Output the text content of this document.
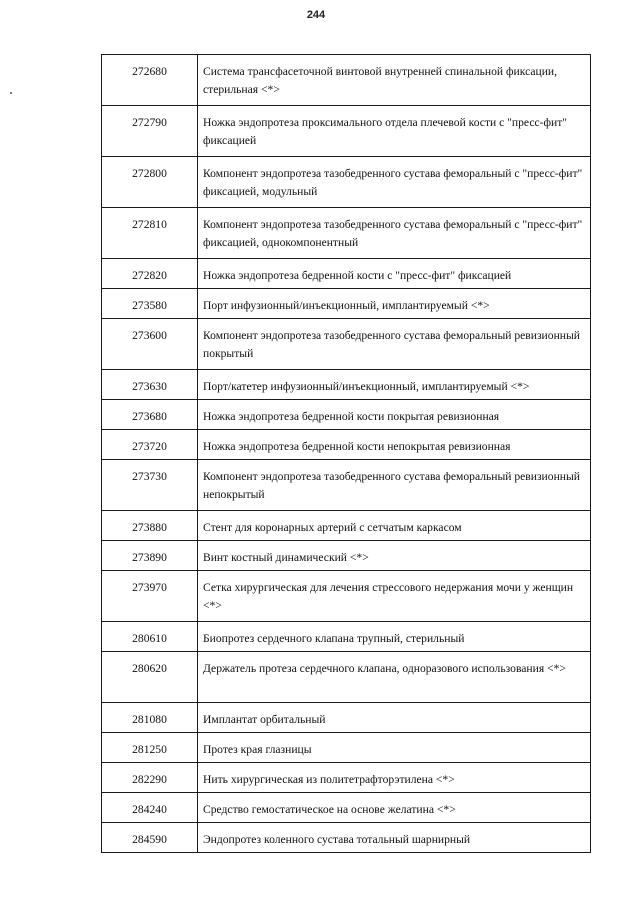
244
272680	Система трансфасеточной винтовой внутренней спинальной фиксации, стерильная <*>
272790	Ножка эндопротеза проксимального отдела плечевой кости с "пресс-фит" фиксацией
272800	Компонент эндопротеза тазобедренного сустава феморальный с "пресс-фит" фиксацией, модульный
272810	Компонент эндопротеза тазобедренного сустава феморальный с "пресс-фит" фиксацией, однокомпонентный
272820	Ножка эндопротеза бедренной кости с "пресс-фит" фиксацией
273580	Порт инфузионный/инъекционный, имплантируемый <*>
273600	Компонент эндопротеза тазобедренного сустава феморальный ревизионный покрытый
273630	Порт/катетер инфузионный/инъекционный, имплантируемый <*>
273680	Ножка эндопротеза бедренной кости покрытая ревизионная
273720	Ножка эндопротеза бедренной кости непокрытая ревизионная
273730	Компонент эндопротеза тазобедренного сустава феморальный ревизионный непокрытый
273880	Стент для коронарных артерий с сетчатым каркасом
273890	Винт костный динамический <*>
273970	Сетка хирургическая для лечения стрессового недержания мочи у женщин <*>
280610	Биопротез сердечного клапана трупный, стерильный
280620	Держатель протеза сердечного клапана, одноразового использования <*>
281080	Имплантат орбитальный
281250	Протез края глазницы
282290	Нить хирургическая из политетрафторэтилена <*>
284240	Средство гемостатическое на основе желатина <*>
284590	Эндопротез коленного сустава тотальный шарнирный
